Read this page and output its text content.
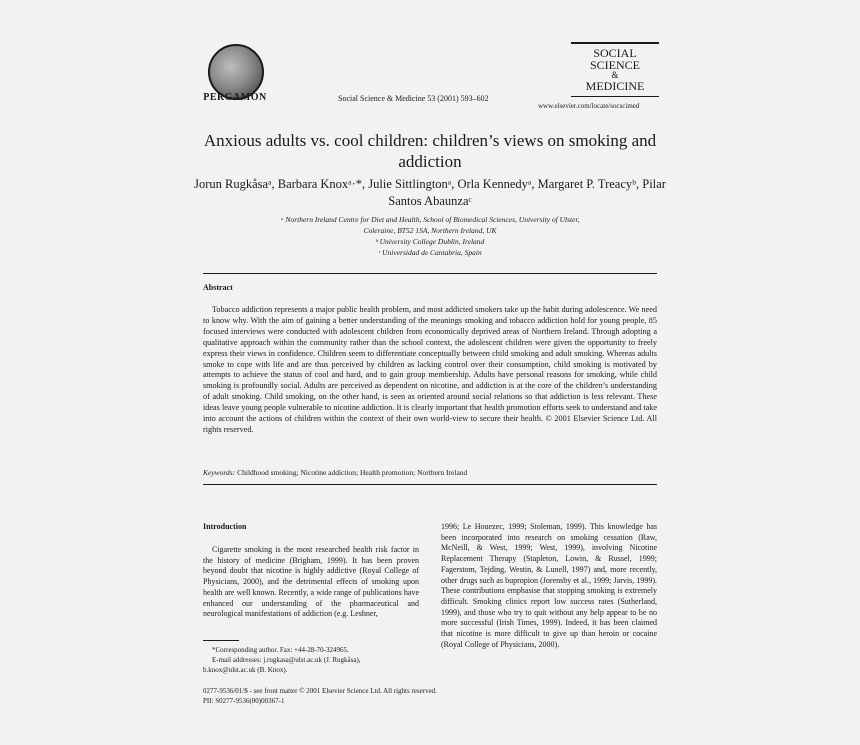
PERGAMON	Social Science & Medicine 53 (2001) 593–602
SOCIAL
SCIENCE
&
MEDICINE
www.elsevier.com/locate/socscimed
Anxious adults vs. cool children: children’s views on smoking and addiction
Jorun Rugkåsaᵃ, Barbara Knoxᵃ·*, Julie Sittlingtonᵃ, Orla Kennedyᵃ, Margaret P. Treacyᵇ, Pilar Santos Abaunzaᶜ
ᵃ Northern Ireland Centre for Diet and Health, School of Biomedical Sciences, University of Ulster,
Coleraine, BT52 1SA, Northern Ireland, UK
ᵇ University College Dublin, Ireland
ᶜ Universidad de Cantabria, Spain
Abstract
Tobacco addiction represents a major public health problem, and most addicted smokers take up the habit during adolescence. We need to know why. With the aim of gaining a better understanding of the meanings smoking and tobacco addiction hold for young people, 85 focused interviews were conducted with adolescent children from economically deprived areas of Northern Ireland. Through adopting a qualitative approach within the community rather than the school context, the adolescent children were given the opportunity to freely express their views in confidence. Children seem to differentiate conceptually between child smoking and adult smoking. Whereas adults smoke to cope with life and are thus perceived by children as lacking control over their consumption, child smoking is motivated by attempts to achieve the status of cool and hard, and to gain group membership. Adults have personal reasons for smoking, while child smoking is profoundly social. Adults are perceived as dependent on nicotine, and addiction is at the core of the children’s understanding of adult smoking. Child smoking, on the other hand, is seen as oriented around social relations so that addiction is less relevant. These ideas leave young people vulnerable to nicotine addiction. It is clearly important that health promotion efforts seek to understand and take into account the actions of children within the context of their own world-view to secure their health. © 2001 Elsevier Science Ltd. All rights reserved.
Keywords: Childhood smoking; Nicotine addiction; Health promotion; Northern Ireland
Introduction
Cigarette smoking is the most researched health risk factor in the history of medicine (Brigham, 1999). It has been proven beyond doubt that nicotine is highly addictive (Royal College of Physicians, 2000), and the detrimental effects of smoking upon health are well known. Recently, a wide range of publications have enhanced our understanding of the pharmaceutical and neurological manifestations of addiction (e.g. Leshner,
1996; Le Houezec, 1999; Stoleman, 1999). This knowledge has been incorporated into research on smoking cessation (Raw, McNeill, & West, 1999; West, 1999), involving Nicotine Replacement Therapy (Stapleton, Lowin, & Russel, 1999; Fagerstom, Tejding, Westin, & Lunell, 1997) and, more recently, other drugs such as bupropion (Jorensby et al., 1999; Jarvis, 1999). These contributions emphasise that stopping smoking is extremely difficult. Smoking clinics report low success rates (Sutherland, 1999), and those who try to quit without any help appear to be no more successful (Irish Times, 1999). Indeed, it has been claimed that nicotine is more difficult to give up than heroin or cocaine (Royal College of Physicians, 2000).
*Corresponding author. Fax: +44-28-70-324965.
E-mail addresses: j.rugkasa@ulst.ac.uk (J. Rugkåsa),
b.knox@ulst.ac.uk (B. Knox).
0277-9536/01/$ - see front matter © 2001 Elsevier Science Ltd. All rights reserved.
PII: S0277-9536(00)00367-1
